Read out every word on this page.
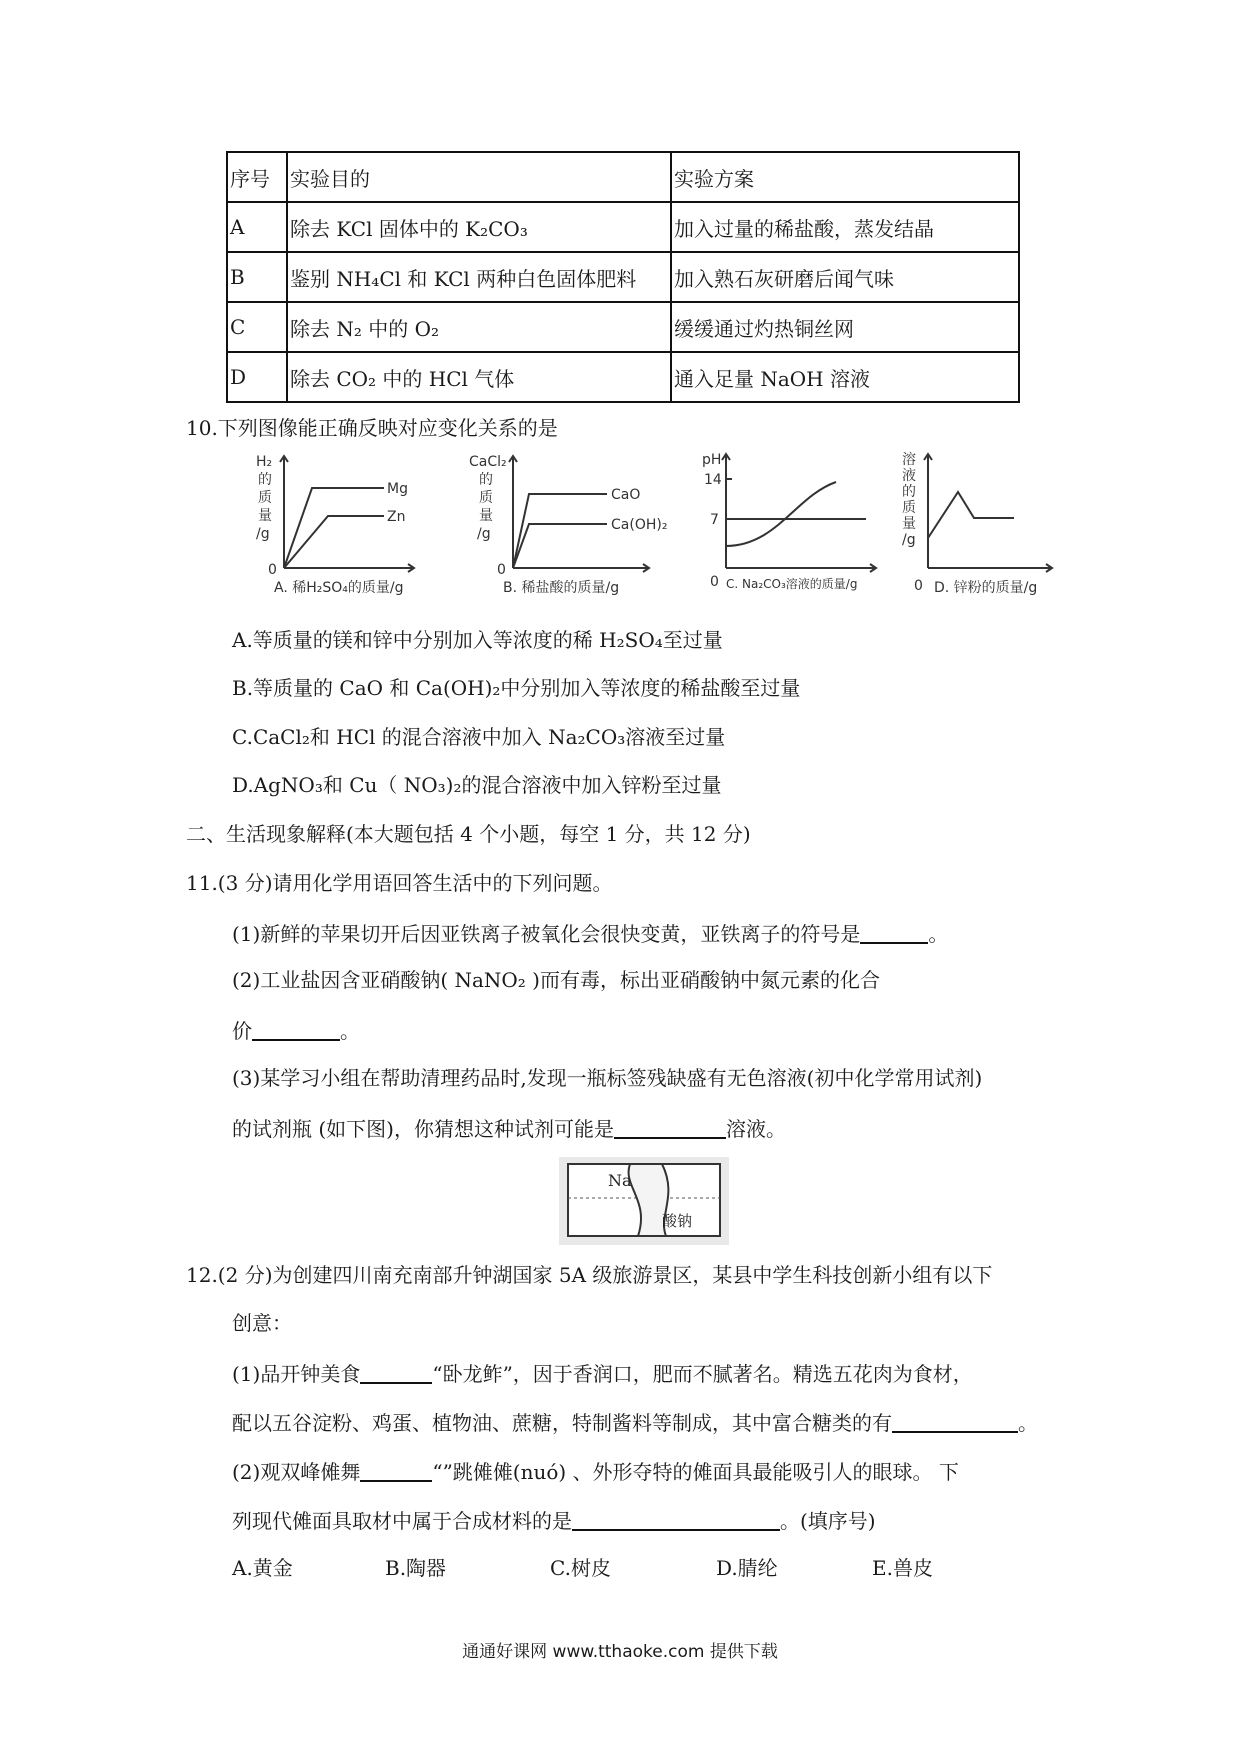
序号	实验目的	实验方案
A	除去 KCl 固体中的 K₂CO₃	加入过量的稀盐酸，蒸发结晶
B	鉴别 NH₄Cl 和 KCl 两种白色固体肥料	加入熟石灰研磨后闻气味
C	除去 N₂ 中的 O₂	缓缓通过灼热铜丝网
D	除去 CO₂ 中的 HCl 气体	通入足量 NaOH 溶液
10.下列图像能正确反映对应变化关系的是
H₂
的
质
量
/g
0
Mg
Zn
A. 稀H₂SO₄的质量/g
CaCl₂
的
质
量
/g
0
CaO
Ca(OH)₂
B. 稀盐酸的质量/g
pH
14
7
0 C. Na₂CO₃溶液的质量/g
溶
液
的
质
量
/g
0 D. 锌粉的质量/g
A.等质量的镁和锌中分别加入等浓度的稀 H₂SO₄至过量
B.等质量的 CaO 和 Ca(OH)₂中分别加入等浓度的稀盐酸至过量
C.CaCl₂和 HCl 的混合溶液中加入 Na₂CO₃溶液至过量
D.AgNO₃和 Cu（ NO₃)₂的混合溶液中加入锌粉至过量
二、生活现象解释(本大题包括 4 个小题，每空 1 分，共 12 分)
11.(3 分)请用化学用语回答生活中的下列问题。
(1)新鲜的苹果切开后因亚铁离子被氧化会很快变黄，亚铁离子的符号是	。
(2)工业盐因含亚硝酸钠( NaNO₂ )而有毒，标出亚硝酸钠中氮元素的化合
价	。
(3)某学习小组在帮助清理药品时,发现一瓶标签残缺盛有无色溶液(初中化学常用试剂)
的试剂瓶 (如下图)，你猜想这种试剂可能是	溶液。
Na
酸钠
12.(2 分)为创建四川南充南部升钟湖国家 5A 级旅游景区，某县中学生科技创新小组有以下
创意：
(1)品开钟美食	“卧龙鲊”，因于香润口，肥而不腻著名。精选五花肉为食材，
配以五谷淀粉、鸡蛋、植物油、蔗糖，特制酱料等制成，其中富合糖类的有	。
(2)观双峰傩舞	“”跳傩傩(nuó) 、外形夺特的傩面具最能吸引人的眼球。 下
列现代傩面具取材中属于合成材料的是	。(填序号)
A.黄金	B.陶器	C.树皮	D.腈纶	E.兽皮
通通好课网 www.tthaoke.com 提供下载
